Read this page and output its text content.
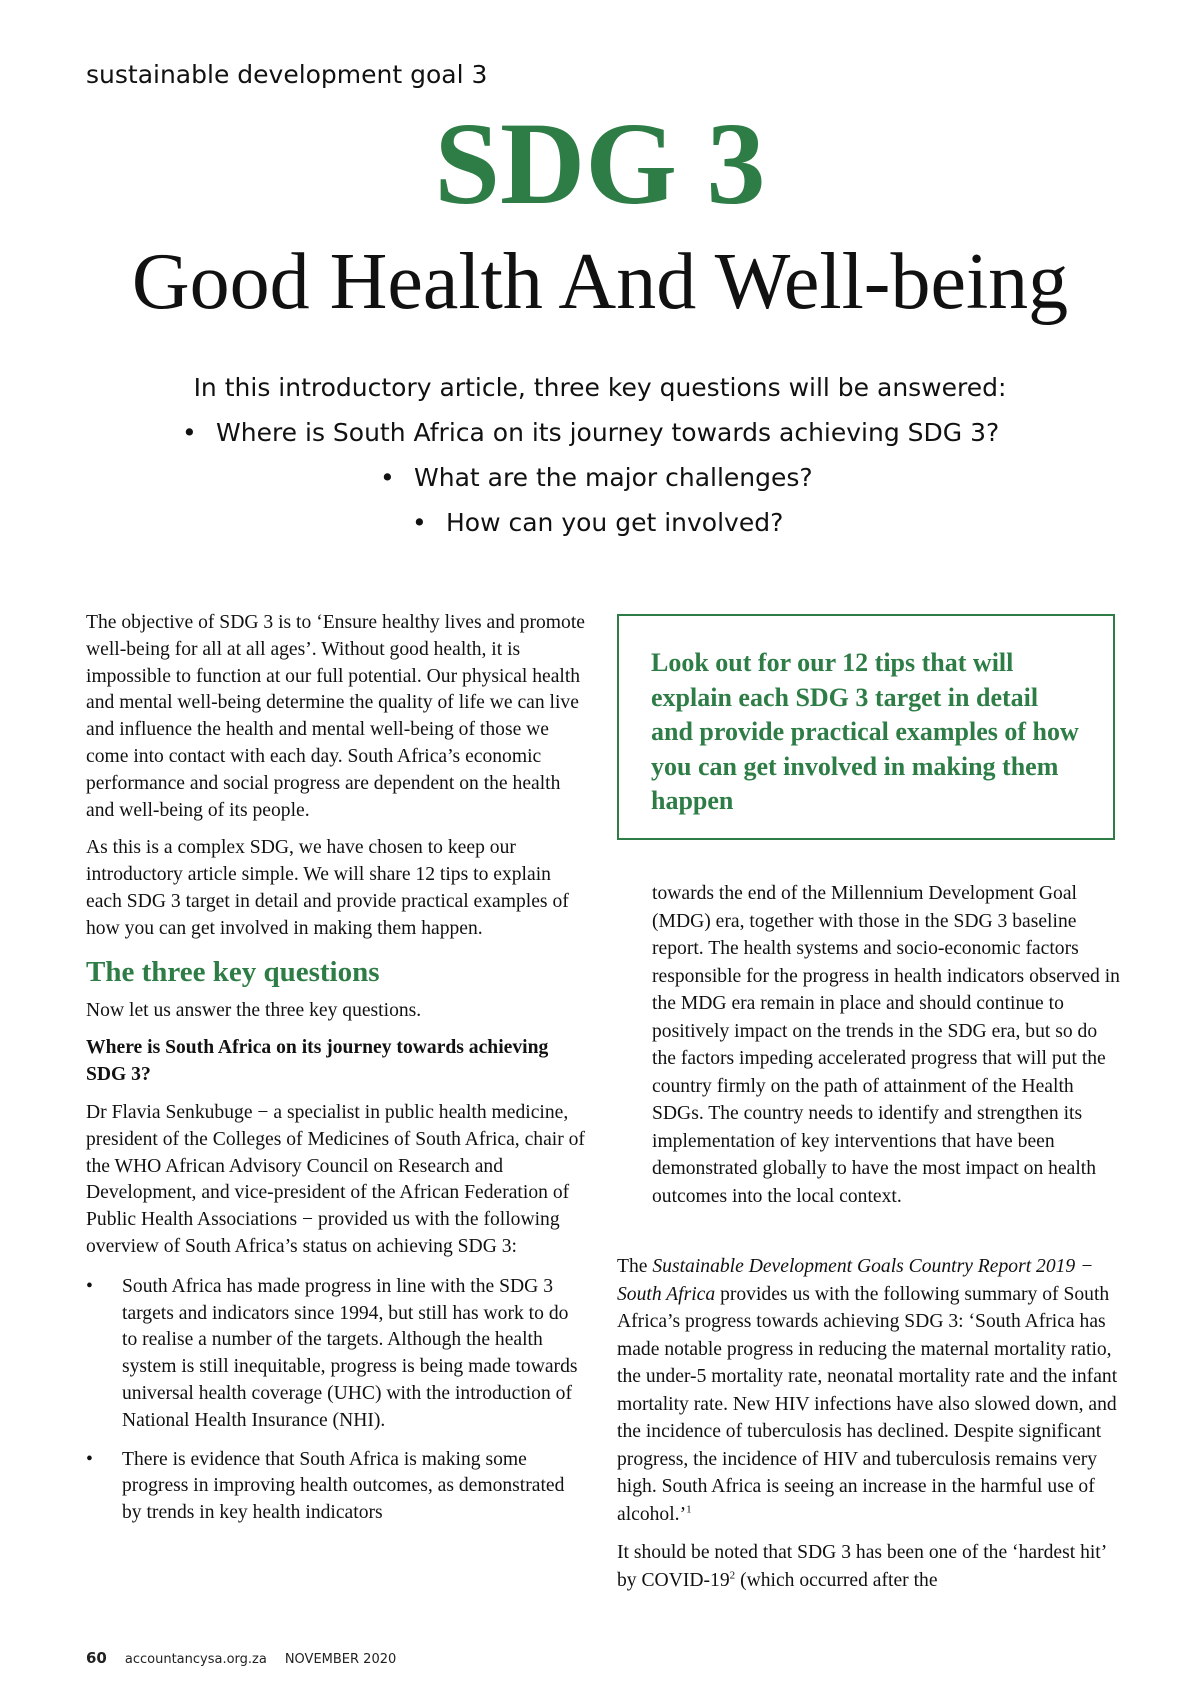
sustainable development goal 3
SDG 3
Good Health And Well-being
In this introductory article, three key questions will be answered:
• Where is South Africa on its journey towards achieving SDG 3?
• What are the major challenges?
• How can you get involved?

The objective of SDG 3 is to ‘Ensure healthy lives and promote well-being for all at all ages’. Without good health, it is impossible to function at our full potential. Our physical health and mental well-being determine the quality of life we can live and influence the health and mental well-being of those we come into contact with each day. South Africa’s economic performance and social progress are dependent on the health and well-being of its people.

As this is a complex SDG, we have chosen to keep our introductory article simple. We will share 12 tips to explain each SDG 3 target in detail and provide practical examples of how you can get involved in making them happen.

The three key questions

Now let us answer the three key questions.

Where is South Africa on its journey towards achieving SDG 3?

Dr Flavia Senkubuge − a specialist in public health medicine, president of the Colleges of Medicines of South Africa, chair of the WHO African Advisory Council on Research and Development, and vice-president of the African Federation of Public Health Associations − provided us with the following overview of South Africa’s status on achieving SDG 3:

• South Africa has made progress in line with the SDG 3 targets and indicators since 1994, but still has work to do to realise a number of the targets. Although the health system is still inequitable, progress is being made towards universal health coverage (UHC) with the introduction of National Health Insurance (NHI).
• There is evidence that South Africa is making some progress in improving health outcomes, as demonstrated by trends in key health indicators
Look out for our 12 tips that will explain each SDG 3 target in detail and provide practical examples of how you can get involved in making them happen
towards the end of the Millennium Development Goal (MDG) era, together with those in the SDG 3 baseline report. The health systems and socio-economic factors responsible for the progress in health indicators observed in the MDG era remain in place and should continue to positively impact on the trends in the SDG era, but so do the factors impeding accelerated progress that will put the country firmly on the path of attainment of the Health SDGs. The country needs to identify and strengthen its implementation of key interventions that have been demonstrated globally to have the most impact on health outcomes into the local context.

The Sustainable Development Goals Country Report 2019 − South Africa provides us with the following summary of South Africa’s progress towards achieving SDG 3: ‘South Africa has made notable progress in reducing the maternal mortality ratio, the under-5 mortality rate, neonatal mortality rate and the infant mortality rate. New HIV infections have also slowed down, and the incidence of tuberculosis has declined. Despite significant progress, the incidence of HIV and tuberculosis remains very high. South Africa is seeing an increase in the harmful use of alcohol.’$^1$

It should be noted that SDG 3 has been one of the ‘hardest hit’ by COVID-$19^2$ (which occurred after the

60 accountancysa.org.za NOVEMBER 2020
